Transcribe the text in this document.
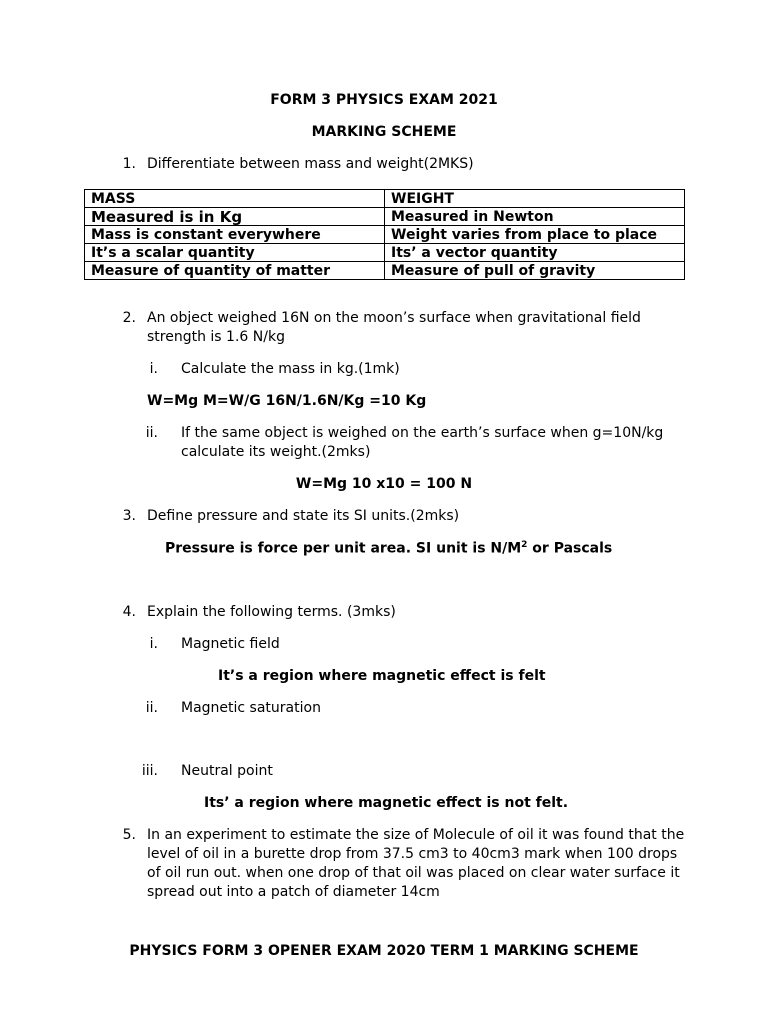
FORM 3 PHYSICS EXAM 2021
MARKING SCHEME
1. Differentiate between mass and weight(2MKS)
MASS	WEIGHT
Measured is in Kg	Measured in Newton
Mass is constant everywhere	Weight varies from place to place
It’s a scalar quantity	Its’ a vector quantity
Measure of quantity of matter	Measure of pull of gravity
2. An object weighed 16N on the moon’s surface when gravitational field
strength is 1.6 N/kg
i. Calculate the mass in kg.(1mk)
W=Mg M=W/G 16N/1.6N/Kg =10 Kg
ii. If the same object is weighed on the earth’s surface when g=10N/kg
calculate its weight.(2mks)
W=Mg 10 x10 = 100 N
3. Define pressure and state its SI units.(2mks)
Pressure is force per unit area. SI unit is $N/M^2$ or Pascals
4. Explain the following terms. (3mks)
i. Magnetic field
It’s a region where magnetic effect is felt
ii. Magnetic saturation
iii. Neutral point
Its’ a region where magnetic effect is not felt.
5. In an experiment to estimate the size of Molecule of oil it was found that the
level of oil in a burette drop from 37.5 cm3 to 40cm3 mark when 100 drops
of oil run out. when one drop of that oil was placed on clear water surface it
spread out into a patch of diameter 14cm
PHYSICS FORM 3 OPENER EXAM 2020 TERM 1 MARKING SCHEME
